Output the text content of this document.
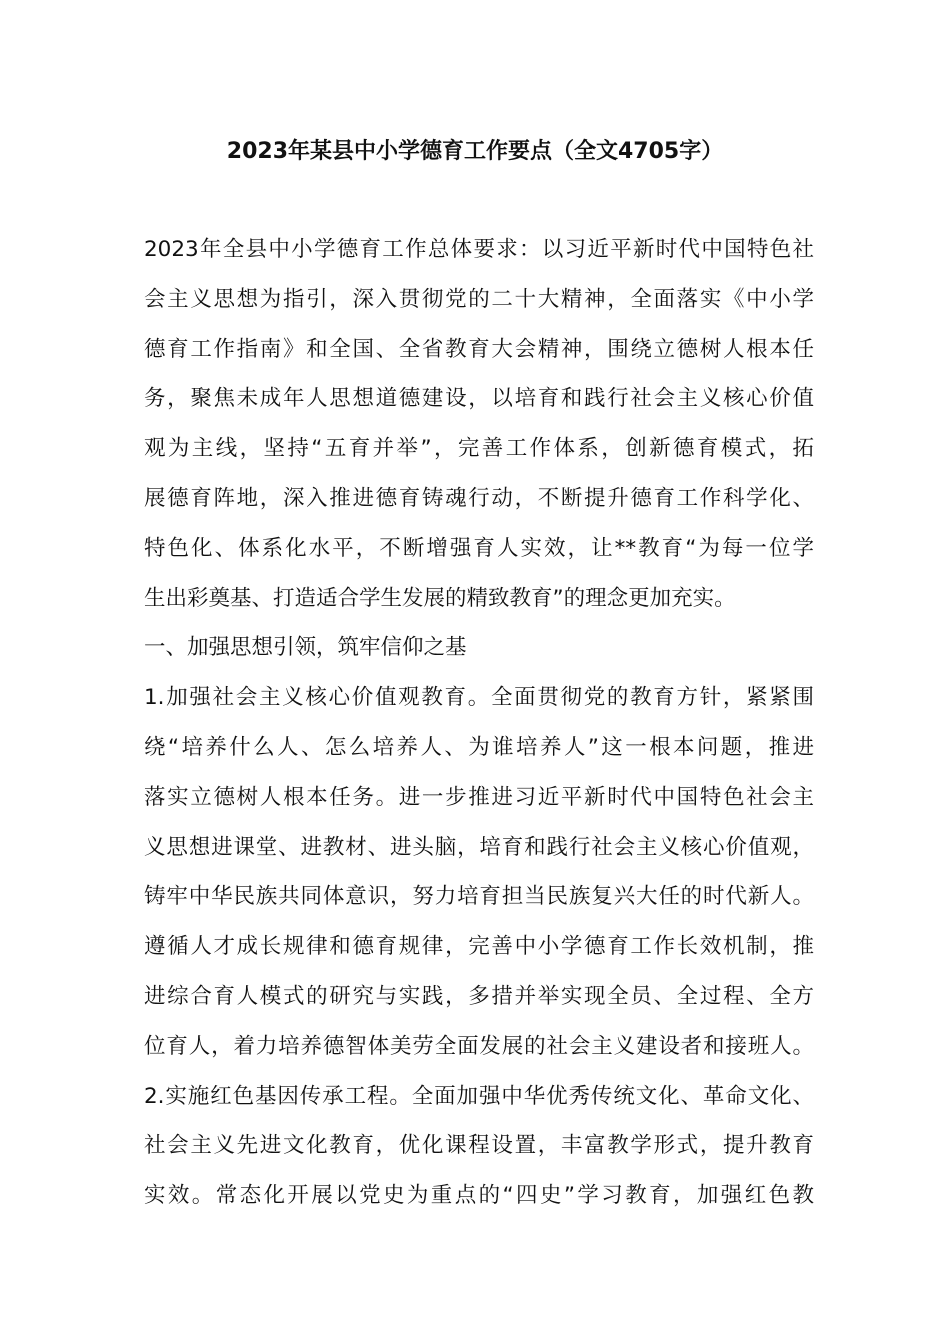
2023年某县中小学德育工作要点（全文4705字）
2023年全县中小学德育工作总体要求：以习近平新时代中国特色社
会主义思想为指引，深入贯彻党的二十大精神，全面落实《中小学
德育工作指南》和全国、全省教育大会精神，围绕立德树人根本任
务，聚焦未成年人思想道德建设，以培育和践行社会主义核心价值
观为主线，坚持“五育并举”，完善工作体系，创新德育模式，拓
展德育阵地，深入推进德育铸魂行动，不断提升德育工作科学化、
特色化、体系化水平，不断增强育人实效，让**教育“为每一位学
生出彩奠基、打造适合学生发展的精致教育”的理念更加充实。
一、加强思想引领，筑牢信仰之基
1.加强社会主义核心价值观教育。全面贯彻党的教育方针，紧紧围
绕“培养什么人、怎么培养人、为谁培养人”这一根本问题，推进
落实立德树人根本任务。进一步推进习近平新时代中国特色社会主
义思想进课堂、进教材、进头脑，培育和践行社会主义核心价值观，
铸牢中华民族共同体意识，努力培育担当民族复兴大任的时代新人。
遵循人才成长规律和德育规律，完善中小学德育工作长效机制，推
进综合育人模式的研究与实践，多措并举实现全员、全过程、全方
位育人，着力培养德智体美劳全面发展的社会主义建设者和接班人。
2.实施红色基因传承工程。全面加强中华优秀传统文化、革命文化、
社会主义先进文化教育，优化课程设置，丰富教学形式，提升教育
实效。常态化开展以党史为重点的“四史”学习教育，加强红色教
